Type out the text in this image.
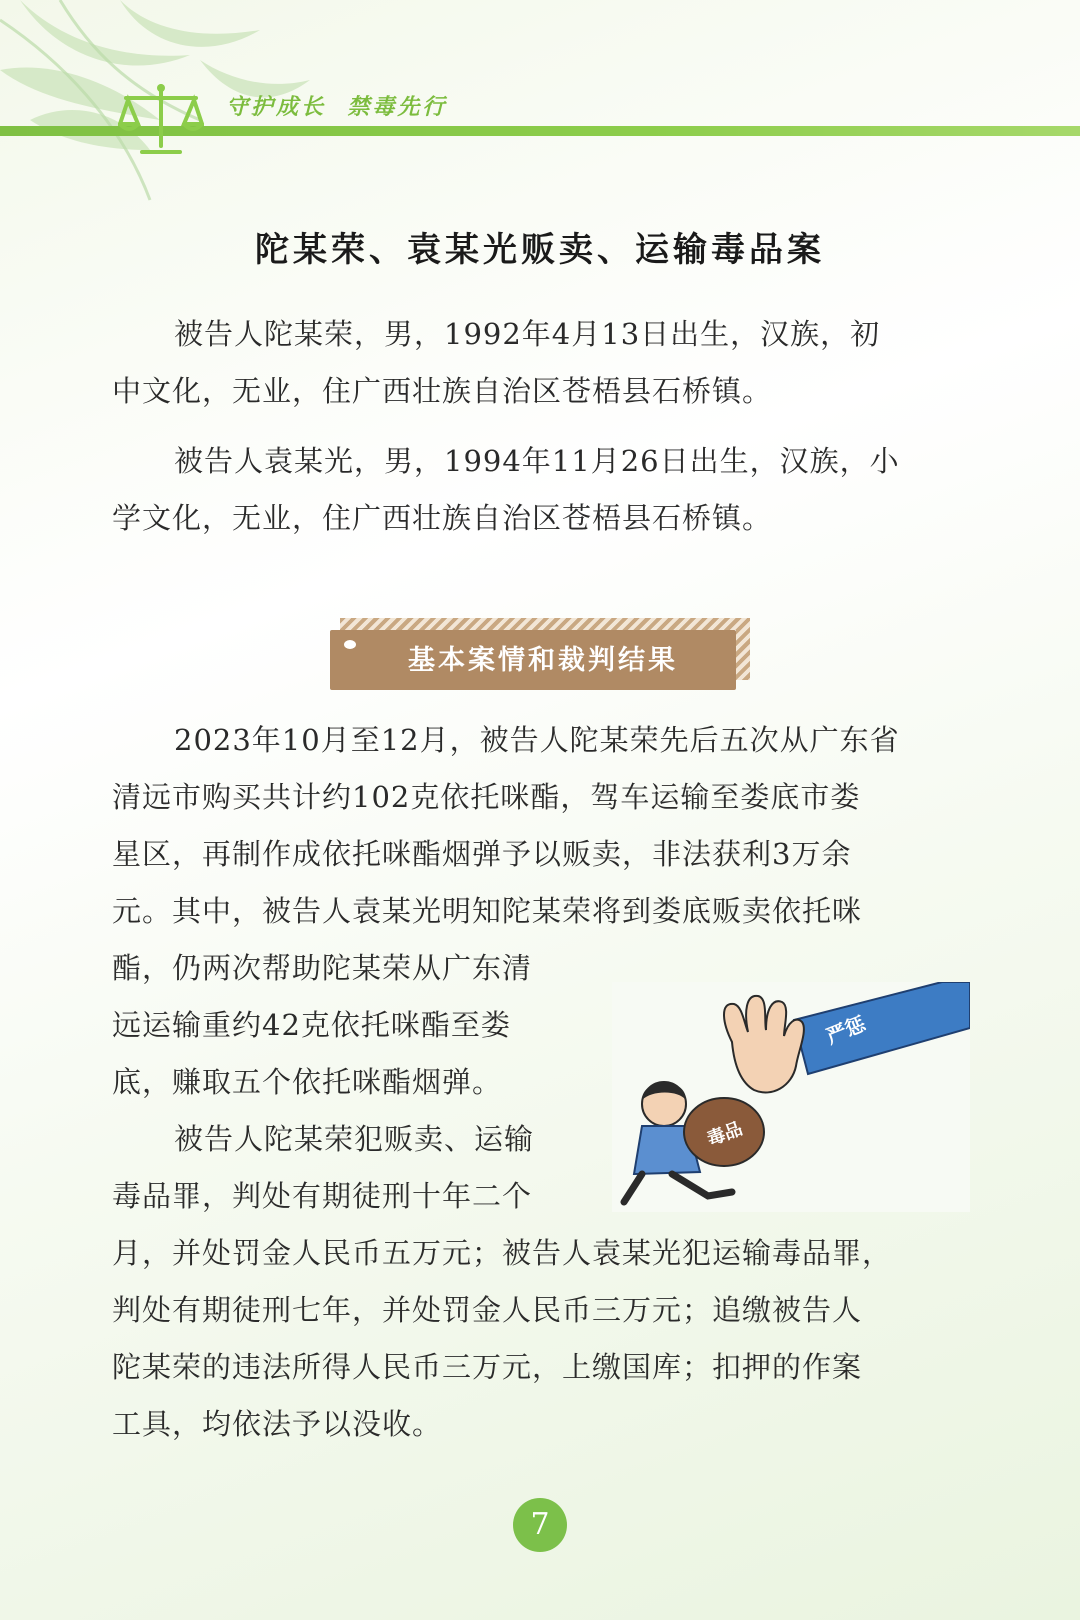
守护成长  禁毒先行
陀某荣、袁某光贩卖、运输毒品案
被告人陀某荣，男，1992年4月13日出生，汉族，初
中文化，无业，住广西壮族自治区苍梧县石桥镇。
被告人袁某光，男，1994年11月26日出生，汉族，小
学文化，无业，住广西壮族自治区苍梧县石桥镇。
基本案情和裁判结果
2023年10月至12月，被告人陀某荣先后五次从广东省
清远市购买共计约102克依托咪酯，驾车运输至娄底市娄
星区，再制作成依托咪酯烟弹予以贩卖，非法获利3万余
元。其中，被告人袁某光明知陀某荣将到娄底贩卖依托咪
酯，仍两次帮助陀某荣从广东清
远运输重约42克依托咪酯至娄
底，赚取五个依托咪酯烟弹。
被告人陀某荣犯贩卖、运输
毒品罪，判处有期徒刑十年二个
月，并处罚金人民币五万元；被告人袁某光犯运输毒品罪，
判处有期徒刑七年，并处罚金人民币三万元；追缴被告人
陀某荣的违法所得人民币三万元，上缴国库；扣押的作案
工具，均依法予以没收。
严惩
毒品
7
